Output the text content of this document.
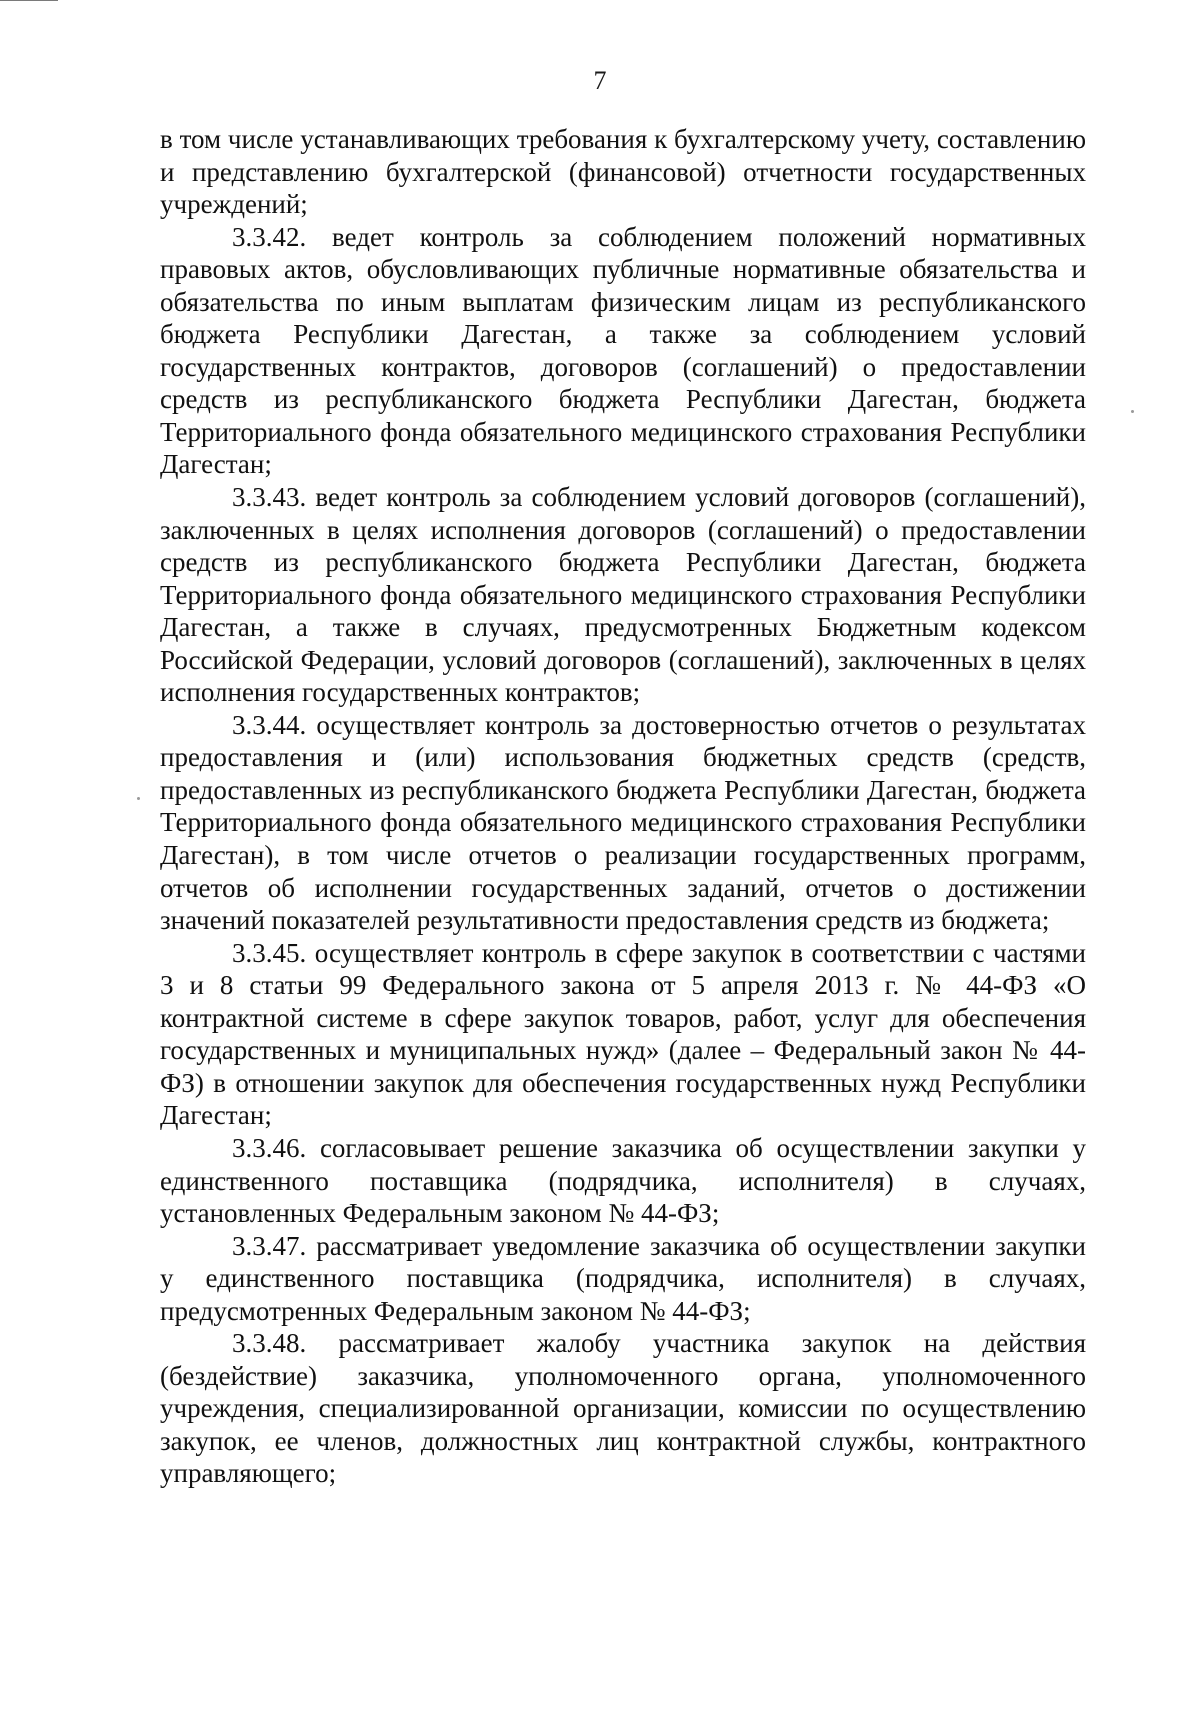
7

в том числе устанавливающих требования к бухгалтерскому учету, составлению и представлению бухгалтерской (финансовой) отчетности государственных учреждений;

3.3.42. ведет контроль за соблюдением положений нормативных правовых актов, обусловливающих публичные нормативные обязательства и обязательства по иным выплатам физическим лицам из республиканского бюджета Республики Дагестан, а также за соблюдением условий государственных контрактов, договоров (соглашений) о предоставлении средств из республиканского бюджета Республики Дагестан, бюджета Территориального фонда обязательного медицинского страхования Республики Дагестан;

3.3.43. ведет контроль за соблюдением условий договоров (соглашений), заключенных в целях исполнения договоров (соглашений) о предоставлении средств из республиканского бюджета Республики Дагестан, бюджета Территориального фонда обязательного медицинского страхования Республики Дагестан, а также в случаях, предусмотренных Бюджетным кодексом Российской Федерации, условий договоров (соглашений), заключенных в целях исполнения государственных контрактов;

3.3.44. осуществляет контроль за достоверностью отчетов о результатах предоставления и (или) использования бюджетных средств (средств, предоставленных из республиканского бюджета Республики Дагестан, бюджета Территориального фонда обязательного медицинского страхования Республики Дагестан), в том числе отчетов о реализации государственных программ, отчетов об исполнении государственных заданий, отчетов о достижении значений показателей результативности предоставления средств из бюджета;

3.3.45. осуществляет контроль в сфере закупок в соответствии с частями 3 и 8 статьи 99 Федерального закона от 5 апреля 2013 г. № 44-ФЗ «О контрактной системе в сфере закупок товаров, работ, услуг для обеспечения государственных и муниципальных нужд» (далее – Федеральный закон № 44-ФЗ) в отношении закупок для обеспечения государственных нужд Республики Дагестан;

3.3.46. согласовывает решение заказчика об осуществлении закупки у единственного поставщика (подрядчика, исполнителя) в случаях, установленных Федеральным законом № 44-ФЗ;

3.3.47. рассматривает уведомление заказчика об осуществлении закупки у единственного поставщика (подрядчика, исполнителя) в случаях, предусмотренных Федеральным законом № 44-ФЗ;

3.3.48. рассматривает жалобу участника закупок на действия (бездействие) заказчика, уполномоченного органа, уполномоченного учреждения, специализированной организации, комиссии по осуществлению закупок, ее членов, должностных лиц контрактной службы, контрактного управляющего;
